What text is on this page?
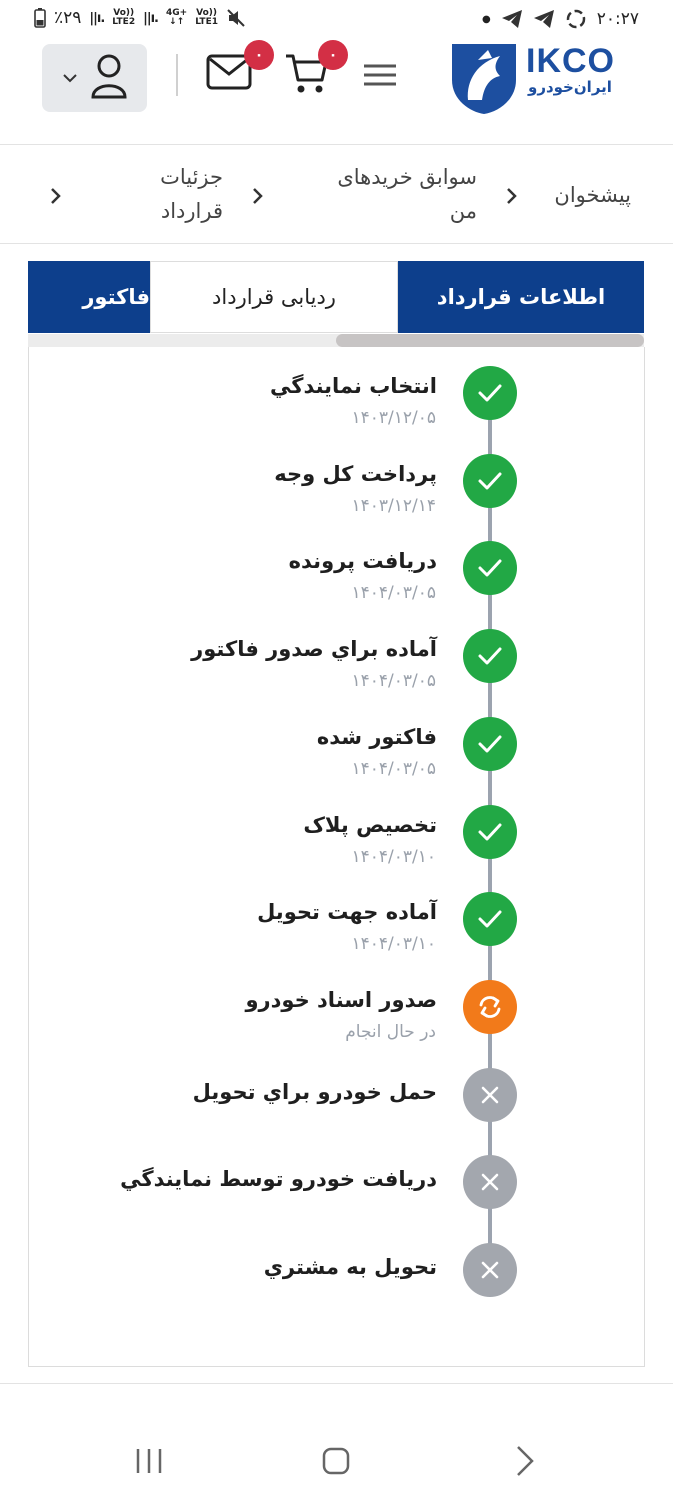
٪۲۹ ||ı. Vo))
LTE2 ||ı. 4G+
↓↑
Vo))
LTE1	●	۲۰:۲۷
۰	۰	IKCO
ایران‌خودرو
پیشخوان
سوابق خریدهای
من
جزئیات
قرارداد
اطلاعات قرارداد
ردیابی قرارداد
فاکتور
انتخاب نمايندگي
۱۴۰۳/۱۲/۰۵
پرداخت کل وجه
۱۴۰۳/۱۲/۱۴
دریافت پرونده
۱۴۰۴/۰۳/۰۵
آماده براي صدور فاكتور
۱۴۰۴/۰۳/۰۵
فاكتور شده
۱۴۰۴/۰۳/۰۵
تخصیص پلاک
۱۴۰۴/۰۳/۱۰
آماده جهت تحويل
۱۴۰۴/۰۳/۱۰
صدور اسناد خودرو
در حال انجام
حمل خودرو براي تحويل
دریافت خودرو توسط نمايندگي
تحويل به مشتري
